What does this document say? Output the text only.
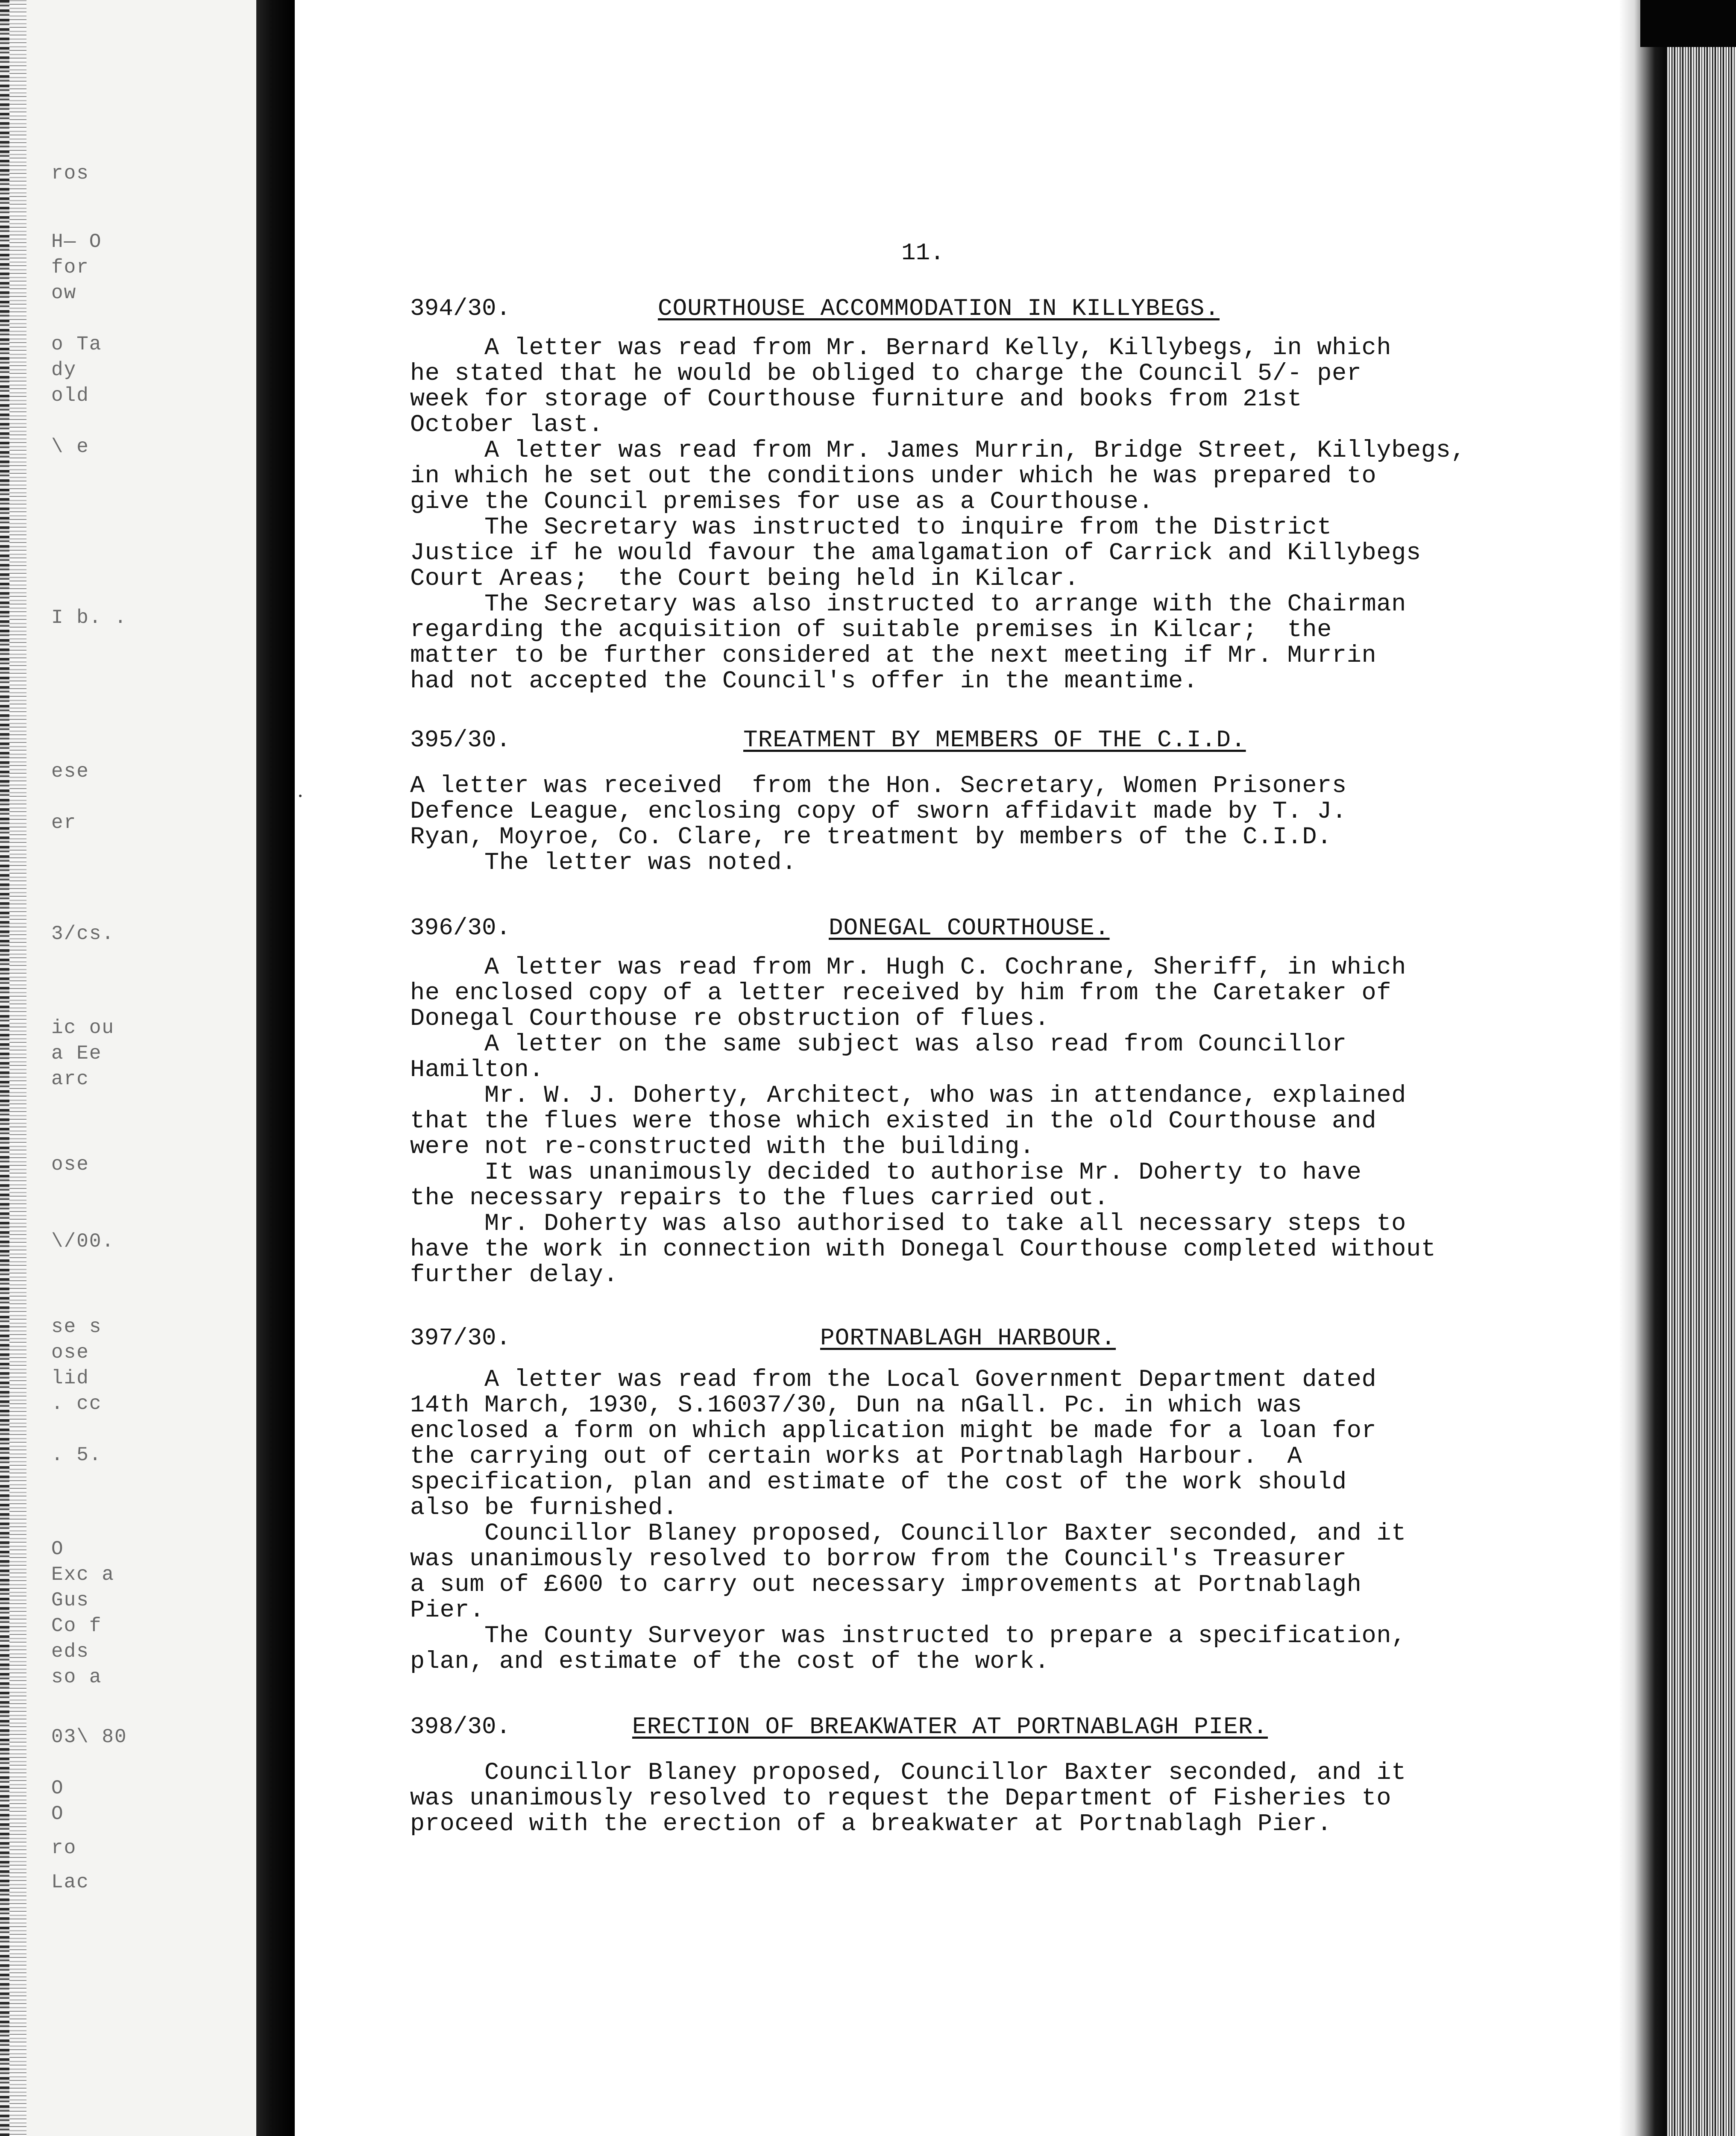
ros
H— O
for
ow
o Ta
dy
old
\ e
I b. .
ese
er
3/cs.
ic ou
a Ee
arc
ose
\/00.
se s
ose
lid
. cc
. 5.
O
Exc a
Gus
Co f
eds
so a
03\ 80
O
O
ro
Lac
11.
394/30.	COURTHOUSE ACCOMMODATION IN KILLYBEGS.
A letter was read from Mr. Bernard Kelly, Killybegs, in which
he stated that he would be obliged to charge the Council 5/- per
week for storage of Courthouse furniture and books from 21st
October last.
A letter was read from Mr. James Murrin, Bridge Street, Killybegs,
in which he set out the conditions under which he was prepared to
give the Council premises for use as a Courthouse.
The Secretary was instructed to inquire from the District
Justice if he would favour the amalgamation of Carrick and Killybegs
Court Areas;  the Court being held in Kilcar.
The Secretary was also instructed to arrange with the Chairman
regarding the acquisition of suitable premises in Kilcar;  the
matter to be further considered at the next meeting if Mr. Murrin
had not accepted the Council's offer in the meantime.
395/30.	TREATMENT BY MEMBERS OF THE C.I.D.
A letter was received  from the Hon. Secretary, Women Prisoners
Defence League, enclosing copy of sworn affidavit made by T. J.
Ryan, Moyroe, Co. Clare, re treatment by members of the C.I.D.
The letter was noted.
396/30.	DONEGAL COURTHOUSE.
A letter was read from Mr. Hugh C. Cochrane, Sheriff, in which
he enclosed copy of a letter received by him from the Caretaker of
Donegal Courthouse re obstruction of flues.
A letter on the same subject was also read from Councillor
Hamilton.
Mr. W. J. Doherty, Architect, who was in attendance, explained
that the flues were those which existed in the old Courthouse and
were not re-constructed with the building.
It was unanimously decided to authorise Mr. Doherty to have
the necessary repairs to the flues carried out.
Mr. Doherty was also authorised to take all necessary steps to
have the work in connection with Donegal Courthouse completed without
further delay.
397/30.	PORTNABLAGH HARBOUR.
A letter was read from the Local Government Department dated
14th March, 1930, S.16037/30, Dun na nGall. Pc. in which was
enclosed a form on which application might be made for a loan for
the carrying out of certain works at Portnablagh Harbour.  A
specification, plan and estimate of the cost of the work should
also be furnished.
Councillor Blaney proposed, Councillor Baxter seconded, and it
was unanimously resolved to borrow from the Council's Treasurer
a sum of £600 to carry out necessary improvements at Portnablagh
Pier.
The County Surveyor was instructed to prepare a specification,
plan, and estimate of the cost of the work.
398/30.	ERECTION OF BREAKWATER AT PORTNABLAGH PIER.
Councillor Blaney proposed, Councillor Baxter seconded, and it
was unanimously resolved to request the Department of Fisheries to
proceed with the erection of a breakwater at Portnablagh Pier.
